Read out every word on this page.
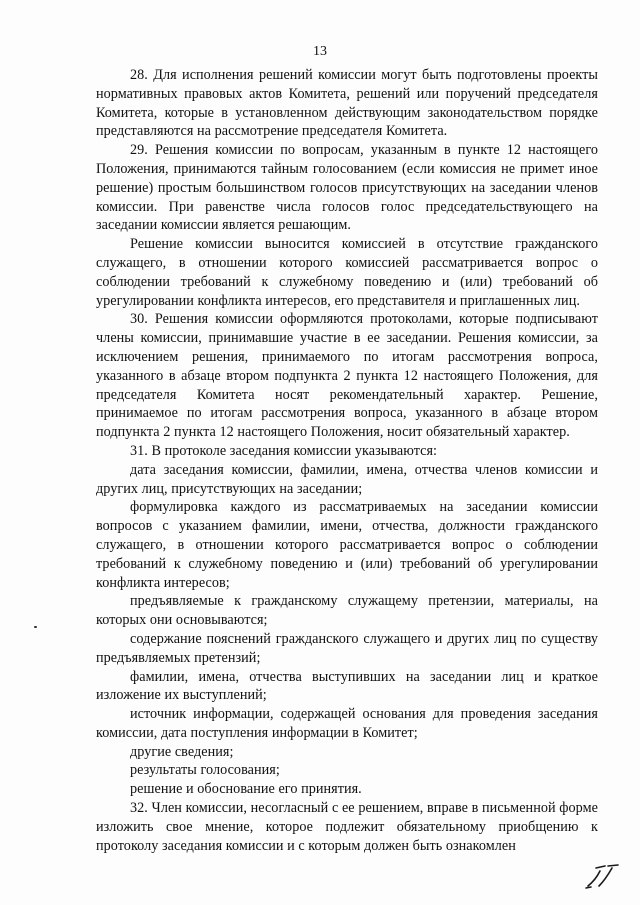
13

28. Для исполнения решений комиссии могут быть подготовлены проекты нормативных правовых актов Комитета, решений или поручений председателя Комитета, которые в установленном действующим законодательством порядке представляются на рассмотрение председателя Комитета.

29. Решения комиссии по вопросам, указанным в пункте 12 настоящего Положения, принимаются тайным голосованием (если комиссия не примет иное решение) простым большинством голосов присутствующих на заседании членов комиссии. При равенстве числа голосов голос председательствующего на заседании комиссии является решающим.

Решение комиссии выносится комиссией в отсутствие гражданского служащего, в отношении которого комиссией рассматривается вопрос о соблюдении требований к служебному поведению и (или) требований об урегулировании конфликта интересов, его представителя и приглашенных лиц.

30. Решения комиссии оформляются протоколами, которые подписывают члены комиссии, принимавшие участие в ее заседании. Решения комиссии, за исключением решения, принимаемого по итогам рассмотрения вопроса, указанного в абзаце втором подпункта 2 пункта 12 настоящего Положения, для председателя Комитета носят рекомендательный характер. Решение, принимаемое по итогам рассмотрения вопроса, указанного в абзаце втором подпункта 2 пункта 12 настоящего Положения, носит обязательный характер.

31. В протоколе заседания комиссии указываются:

дата заседания комиссии, фамилии, имена, отчества членов комиссии и других лиц, присутствующих на заседании;

формулировка каждого из рассматриваемых на заседании комиссии вопросов с указанием фамилии, имени, отчества, должности гражданского служащего, в отношении которого рассматривается вопрос о соблюдении требований к служебному поведению и (или) требований об урегулировании конфликта интересов;

предъявляемые к гражданскому служащему претензии, материалы, на которых они основываются;

содержание пояснений гражданского служащего и других лиц по существу предъявляемых претензий;

фамилии, имена, отчества выступивших на заседании лиц и краткое изложение их выступлений;

источник информации, содержащей основания для проведения заседания комиссии, дата поступления информации в Комитет;

другие сведения;

результаты голосования;

решение и обоснование его принятия.

32. Член комиссии, несогласный с ее решением, вправе в письменной форме изложить свое мнение, которое подлежит обязательному приобщению к протоколу заседания комиссии и с которым должен быть ознакомлен
